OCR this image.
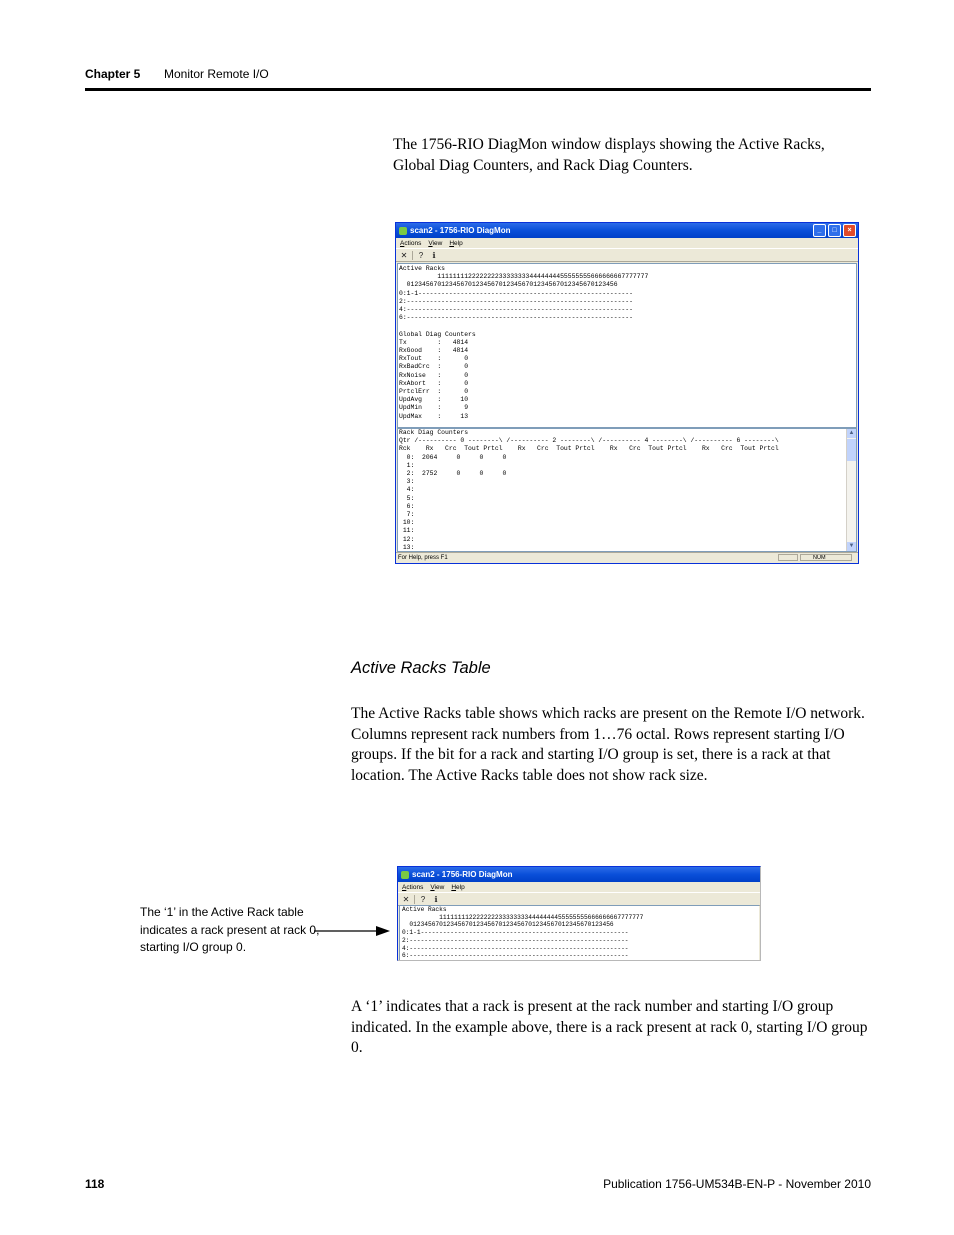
Chapter 5 Monitor Remote I/O
The 1756-RIO DiagMon window displays showing the Active Racks, Global Diag Counters, and Rack Diag Counters.
scan2 - 1756-RIO DiagMon	_	□	×
Actions View Help
✕	?	ℹ
Active Racks
1111111122222222333333334444444455555555666666667777777
0123456701234567012345670123456701234567012345670123456
0:1-1--------------------------------------------------------
2:-----------------------------------------------------------
4:-----------------------------------------------------------
6:-----------------------------------------------------------

Global Diag Counters
Tx        :   4814
RxGood    :   4814
RxTout    :      0
RxBadCrc  :      0
RxNoise   :      0
RxAbort   :      0
PrtclErr  :      0
UpdAvg    :     10
UpdMin    :      9
UpdMax    :     13
Rack Diag Counters
Qtr /---------- 0 --------\ /---------- 2 --------\ /---------- 4 --------\ /---------- 6 --------\
Rck    Rx   Crc  Tout Prtcl    Rx   Crc  Tout Prtcl    Rx   Crc  Tout Prtcl    Rx   Crc  Tout Prtcl
0:  2064     0     0     0
1:
2:  2752     0     0     0
3:
4:
5:
6:
7:
10:
11:
12:
13:
▲
▼
For Help, press F1	NUM
Active Racks Table
The Active Racks table shows which racks are present on the Remote I/O network. Columns represent rack numbers from 1…76 octal. Rows represent starting I/O groups. If the bit for a rack and starting I/O group is set, there is a rack at that location. The Active Racks table does not show rack size.
The ‘1’ in the Active Rack table indicates a rack present at rack 0, starting I/O group 0.
scan2 - 1756-RIO DiagMon
Actions View Help
✕	?	ℹ
Active Racks
1111111122222222333333334444444455555555666666667777777
0123456701234567012345670123456701234567012345670123456
0:1-1--------------------------------------------------------
2:-----------------------------------------------------------
4:-----------------------------------------------------------
6:-----------------------------------------------------------
A ‘1’ indicates that a rack is present at the rack number and starting I/O group indicated. In the example above, there is a rack present at rack 0, starting I/O group 0.
118	Publication 1756-UM534B-EN-P - November 2010
